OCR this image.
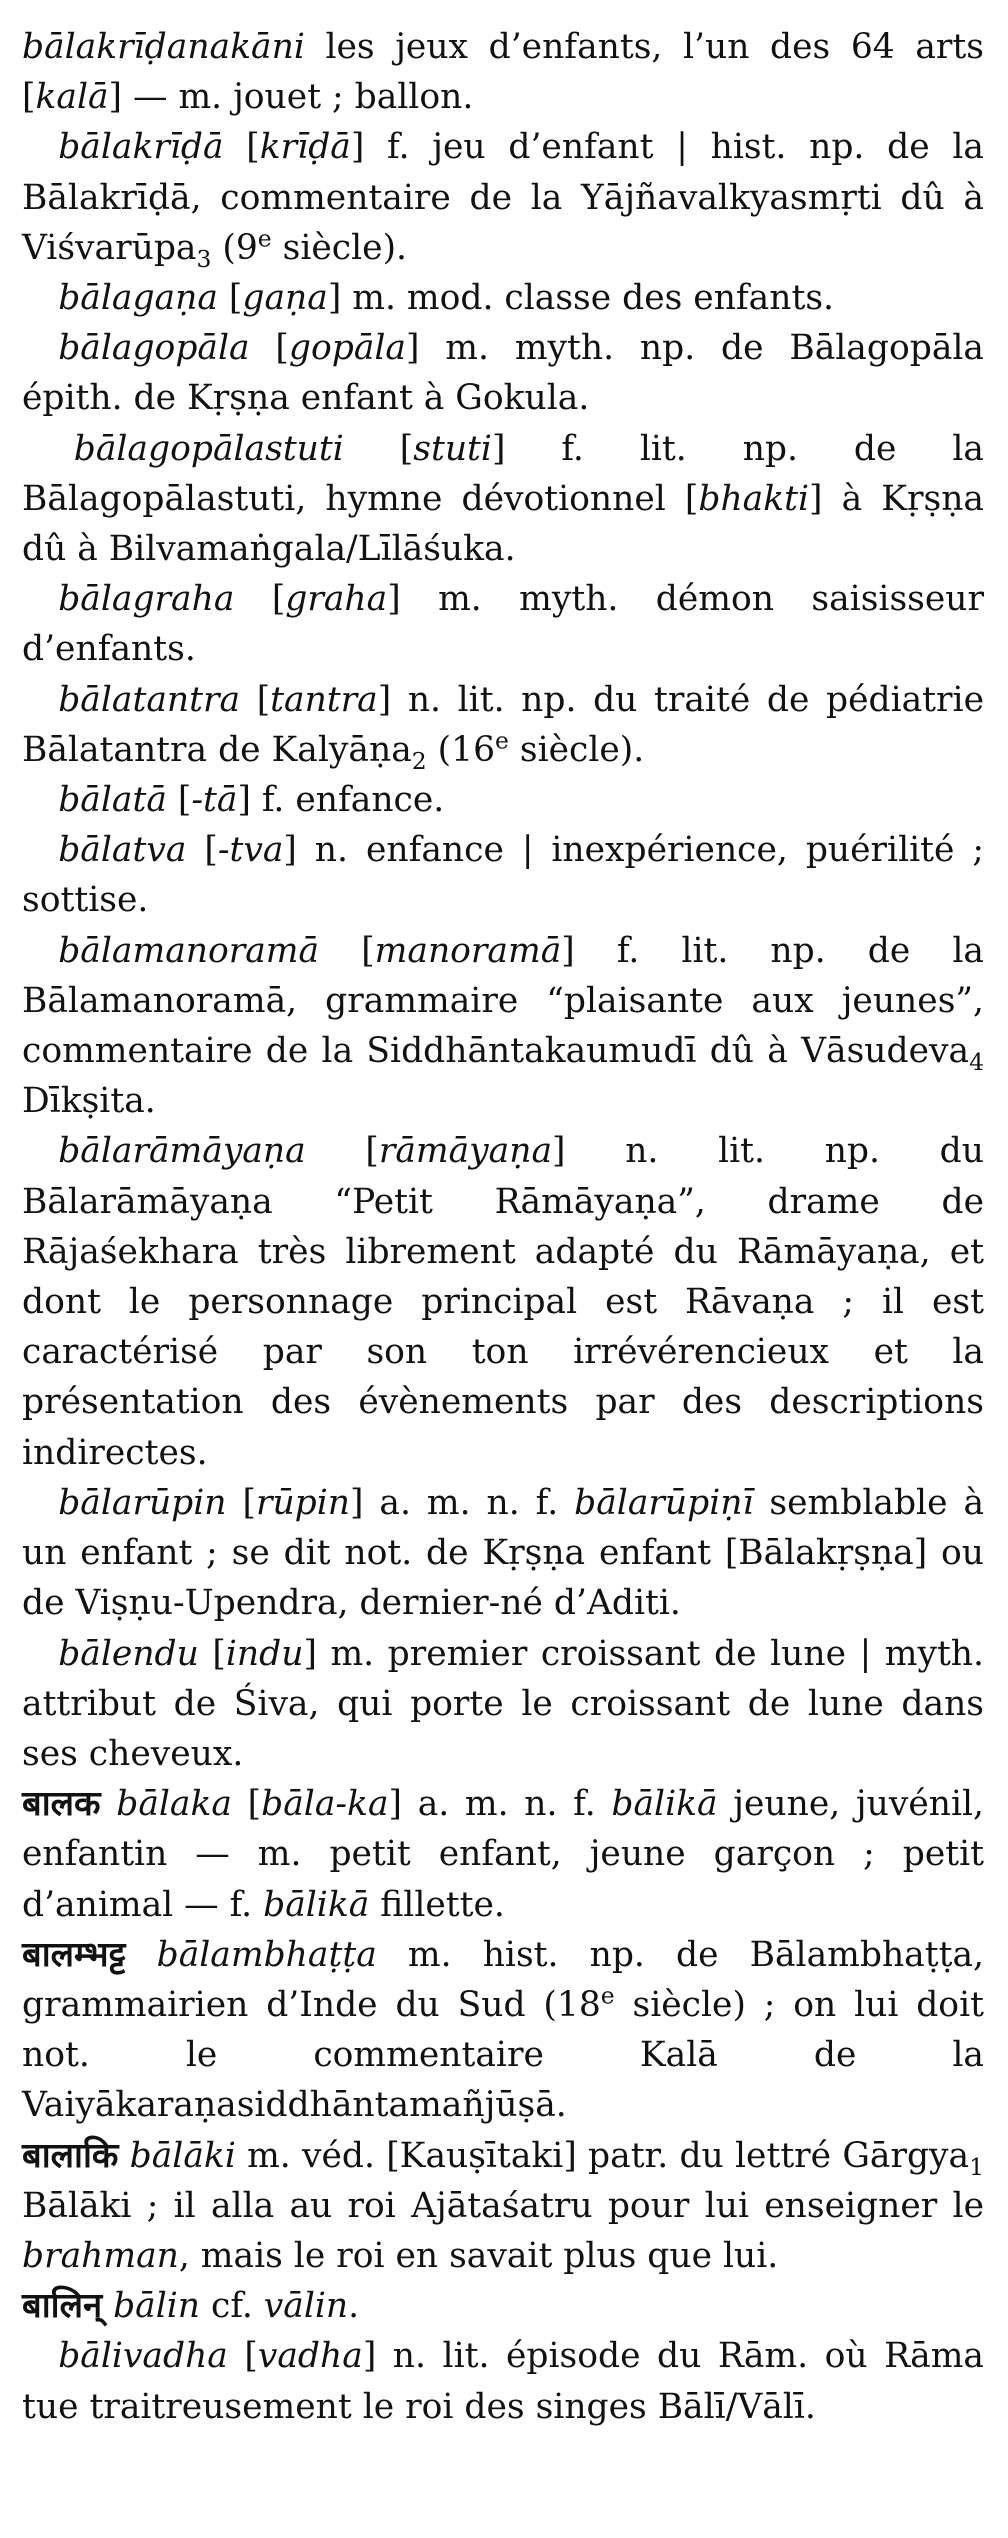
bālakrīḍanakāni les jeux d’enfants, l’un des 64 arts [kalā] — m. jouet ; ballon.

bālakrīḍā [krīḍā] f. jeu d’enfant | hist. np. de la Bālakrīḍā, commentaire de la Yājñavalkyasmṛti dû à Viśvarūpa$_3$ (9e siècle).

bālagaṇa [gaṇa] m. mod. classe des enfants.

bālagopāla [gopāla] m. myth. np. de Bālagopāla épith. de Kṛṣṇa enfant à Gokula.

bālagopālastuti [stuti] f. lit. np. de la Bālagopālastuti, hymne dévotionnel [bhakti] à Kṛṣṇa dû à Bilvamaṅgala/Līlāśuka.

bālagraha [graha] m. myth. démon saisisseur d’enfants.

bālatantra [tantra] n. lit. np. du traité de pédiatrie Bālatantra de Kalyāṇa$_2$ (16e siècle).

bālatā [-tā] f. enfance.

bālatva [-tva] n. enfance | inexpérience, puérilité ; sottise.

bālamanoramā [manoramā] f. lit. np. de la Bālamanoramā, grammaire “plaisante aux jeunes”, commentaire de la Siddhāntakaumudī dû à Vāsudeva$_4$ Dīkṣita.

bālarāmāyaṇa [rāmāyaṇa] n. lit. np. du Bālarāmāyaṇa “Petit Rāmāyaṇa”, drame de Rājaśekhara très librement adapté du Rāmāyaṇa, et dont le personnage principal est Rāvaṇa ; il est caractérisé par son ton irrévérencieux et la présentation des évènements par des descriptions indirectes.

bālarūpin [rūpin] a. m. n. f. bālarūpiṇī semblable à un enfant ; se dit not. de Kṛṣṇa enfant [Bālakṛṣṇa] ou de Viṣṇu-Upendra, dernier-né d’Aditi.

bālendu [indu] m. premier croissant de lune | myth. attribut de Śiva, qui porte le croissant de lune dans ses cheveux.

बालक bālaka [bāla-ka] a. m. n. f. bālikā jeune, juvénil, enfantin — m. petit enfant, jeune garçon ; petit d’animal — f. bālikā fillette.

बालम्भट्ट bālambhaṭṭa m. hist. np. de Bālambhaṭṭa, grammairien d’Inde du Sud (18e siècle) ; on lui doit not. le commentaire Kalā de la Vaiyākaraṇasiddhāntamañjūṣā.

बालाकि bālāki m. véd. [Kauṣītaki] patr. du lettré Gārgya$_1$ Bālāki ; il alla au roi Ajātaśatru pour lui enseigner le brahman, mais le roi en savait plus que lui.

बालिन् bālin cf. vālin.

bālivadha [vadha] n. lit. épisode du Rām. où Rāma tue traitreusement le roi des singes Bālī/Vālī.
